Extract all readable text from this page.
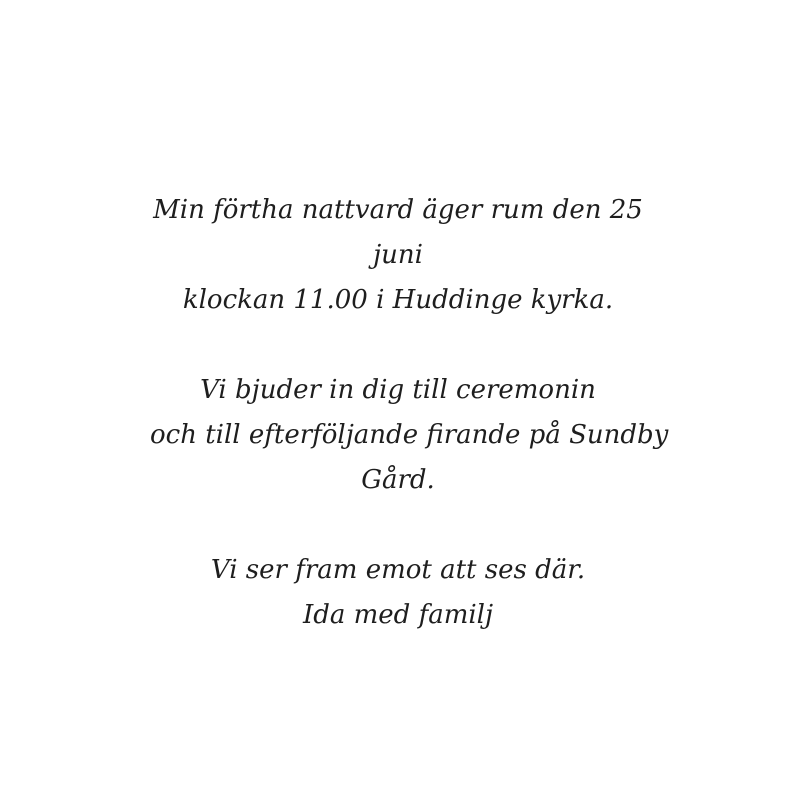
Min förtha nattvard äger rum den 25
juni
klockan 11.00 i Huddinge kyrka.
Vi bjuder in dig till ceremonin
och till efterföljande firande på Sundby
Gård.
Vi ser fram emot att ses där.
Ida med familj
